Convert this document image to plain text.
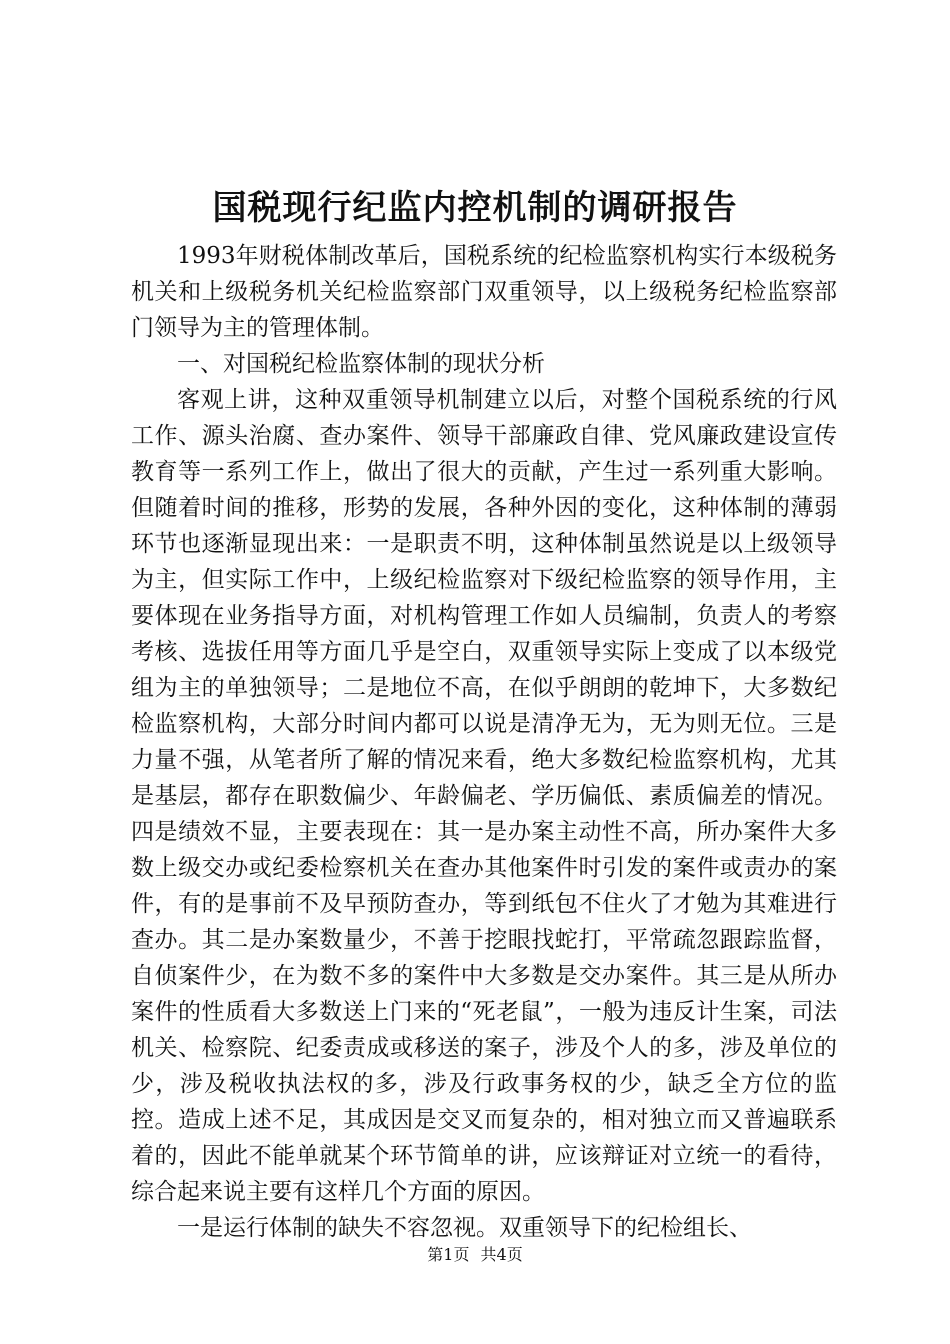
国税现行纪监内控机制的调研报告

1993年财税体制改革后，国税系统的纪检监察机构实行本级税务机关和上级税务机关纪检监察部门双重领导，以上级税务纪检监察部门领导为主的管理体制。

一、对国税纪检监察体制的现状分析

客观上讲，这种双重领导机制建立以后，对整个国税系统的行风工作、源头治腐、查办案件、领导干部廉政自律、党风廉政建设宣传教育等一系列工作上，做出了很大的贡献，产生过一系列重大影响。但随着时间的推移，形势的发展，各种外因的变化，这种体制的薄弱环节也逐渐显现出来：一是职责不明，这种体制虽然说是以上级领导为主，但实际工作中，上级纪检监察对下级纪检监察的领导作用，主要体现在业务指导方面，对机构管理工作如人员编制，负责人的考察考核、选拔任用等方面几乎是空白，双重领导实际上变成了以本级党组为主的单独领导；二是地位不高，在似乎朗朗的乾坤下，大多数纪检监察机构，大部分时间内都可以说是清净无为，无为则无位。三是力量不强，从笔者所了解的情况来看，绝大多数纪检监察机构，尤其是基层，都存在职数偏少、年龄偏老、学历偏低、素质偏差的情况。四是绩效不显，主要表现在：其一是办案主动性不高，所办案件大多数上级交办或纪委检察机关在查办其他案件时引发的案件或责办的案件，有的是事前不及早预防查办，等到纸包不住火了才勉为其难进行查办。其二是办案数量少，不善于挖眼找蛇打，平常疏忽跟踪监督，自侦案件少，在为数不多的案件中大多数是交办案件。其三是从所办案件的性质看大多数送上门来的“死老鼠”，一般为违反计生案，司法机关、检察院、纪委责成或移送的案子，涉及个人的多，涉及单位的少，涉及税收执法权的多，涉及行政事务权的少，缺乏全方位的监控。造成上述不足，其成因是交叉而复杂的，相对独立而又普遍联系着的，因此不能单就某个环节简单的讲，应该辩证对立统一的看待，综合起来说主要有这样几个方面的原因。

一是运行体制的缺失不容忽视。双重领导下的纪检组长、

第1页 共4页
